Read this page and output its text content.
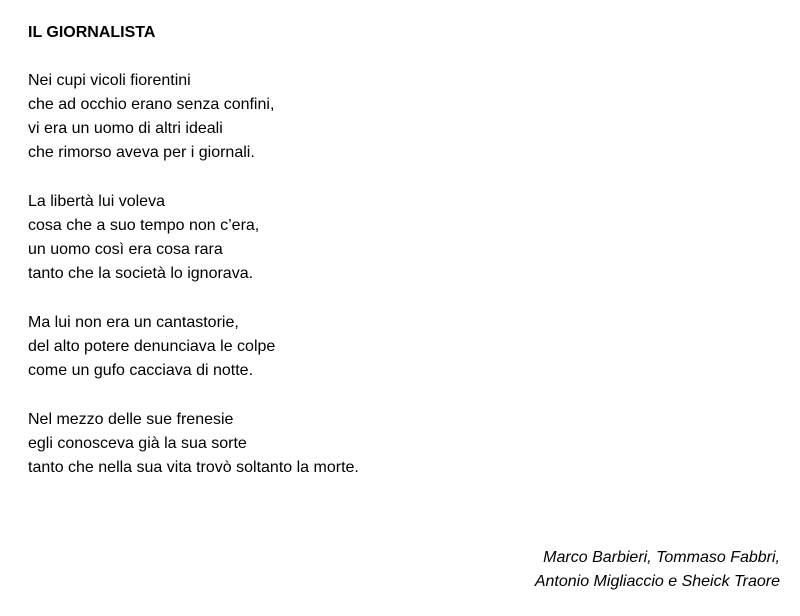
IL GIORNALISTA

Nei cupi vicoli fiorentini
che ad occhio erano senza confini,
vi era un uomo di altri ideali
che rimorso aveva per i giornali.

La libertà lui voleva
cosa che a suo tempo non c’era,
un uomo così era cosa rara
tanto che la società lo ignorava.

Ma lui non era un cantastorie,
del alto potere denunciava le colpe
come un gufo cacciava di notte.

Nel mezzo delle sue frenesie
egli conosceva già la sua sorte
tanto che nella sua vita trovò soltanto la morte.

Marco Barbieri, Tommaso Fabbri,
Antonio Migliaccio e Sheick Traore
